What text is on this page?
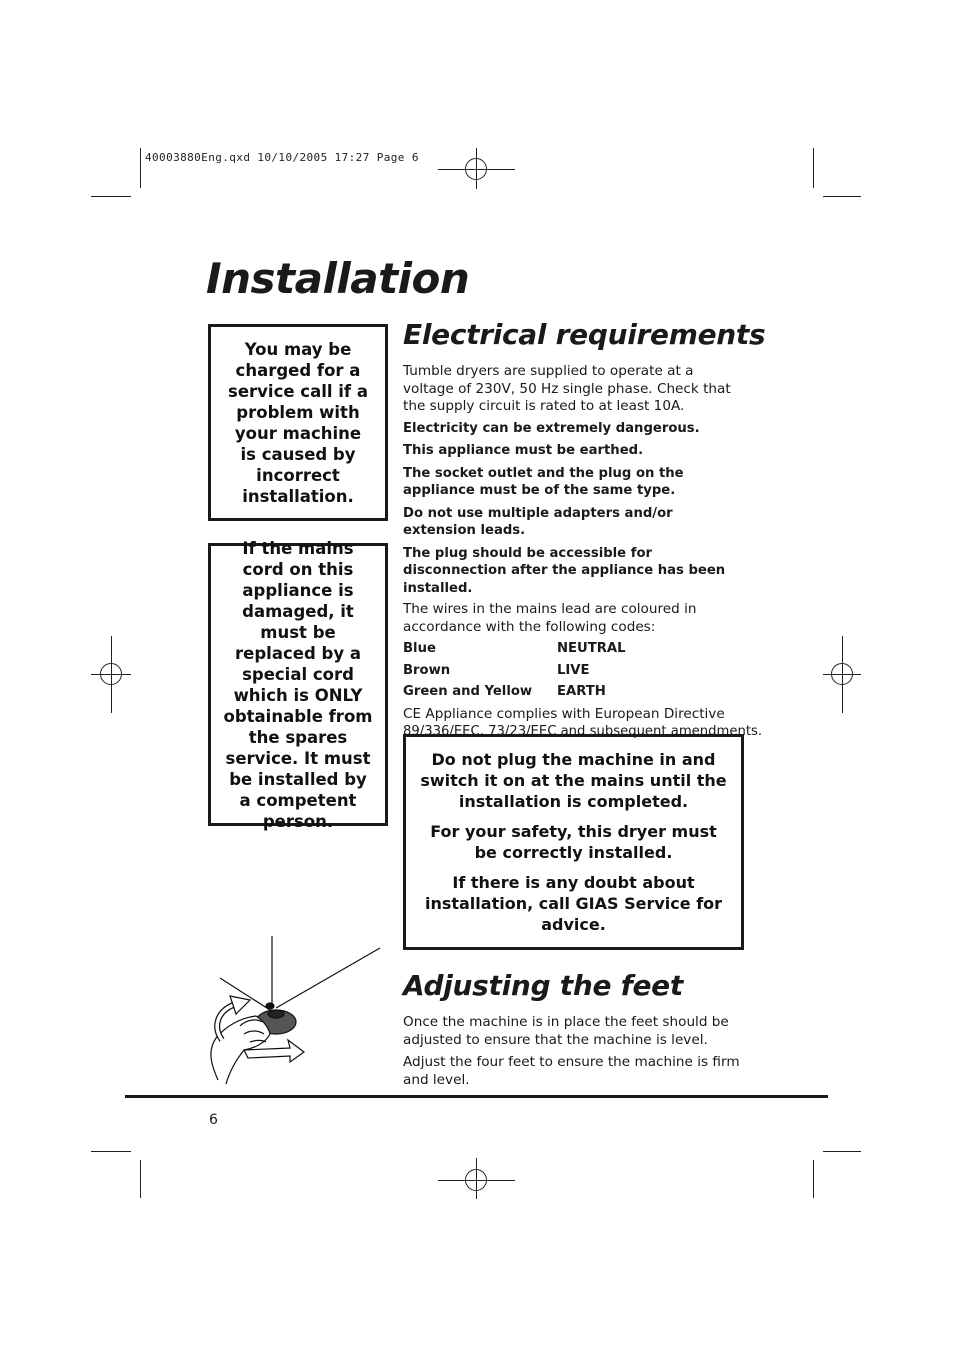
40003880Eng.qxd 10/10/2005 17:27 Page 6
Installation
You may be charged for a service call if a problem with your machine is caused by incorrect installation.
If the mains cord on this appliance is damaged, it must be replaced by a special cord which is ONLY obtainable from the spares service. It must be installed by a competent person.
Electrical requirements

Tumble dryers are supplied to operate at a voltage of 230V, 50 Hz single phase. Check that the supply circuit is rated to at least 10A.

Electricity can be extremely dangerous.

This appliance must be earthed.

The socket outlet and the plug on the appliance must be of the same type.

Do not use multiple adapters and/or extension leads.

The plug should be accessible for disconnection after the appliance has been installed.

The wires in the mains lead are coloured in accordance with the following codes:

Blue	NEUTRAL
Brown	LIVE
Green and Yellow	EARTH

CE Appliance complies with European Directive

89/336/EEC, 73/23/EEC and subsequent amendments.

Do not plug the machine in and switch it on at the mains until the installation is completed.

For your safety, this dryer must be correctly installed.

If there is any doubt about installation, call GIAS Service for advice.

Adjusting the feet

Once the machine is in place the feet should be adjusted to ensure that the machine is level.

Adjust the four feet to ensure the machine is firm and level.

6
